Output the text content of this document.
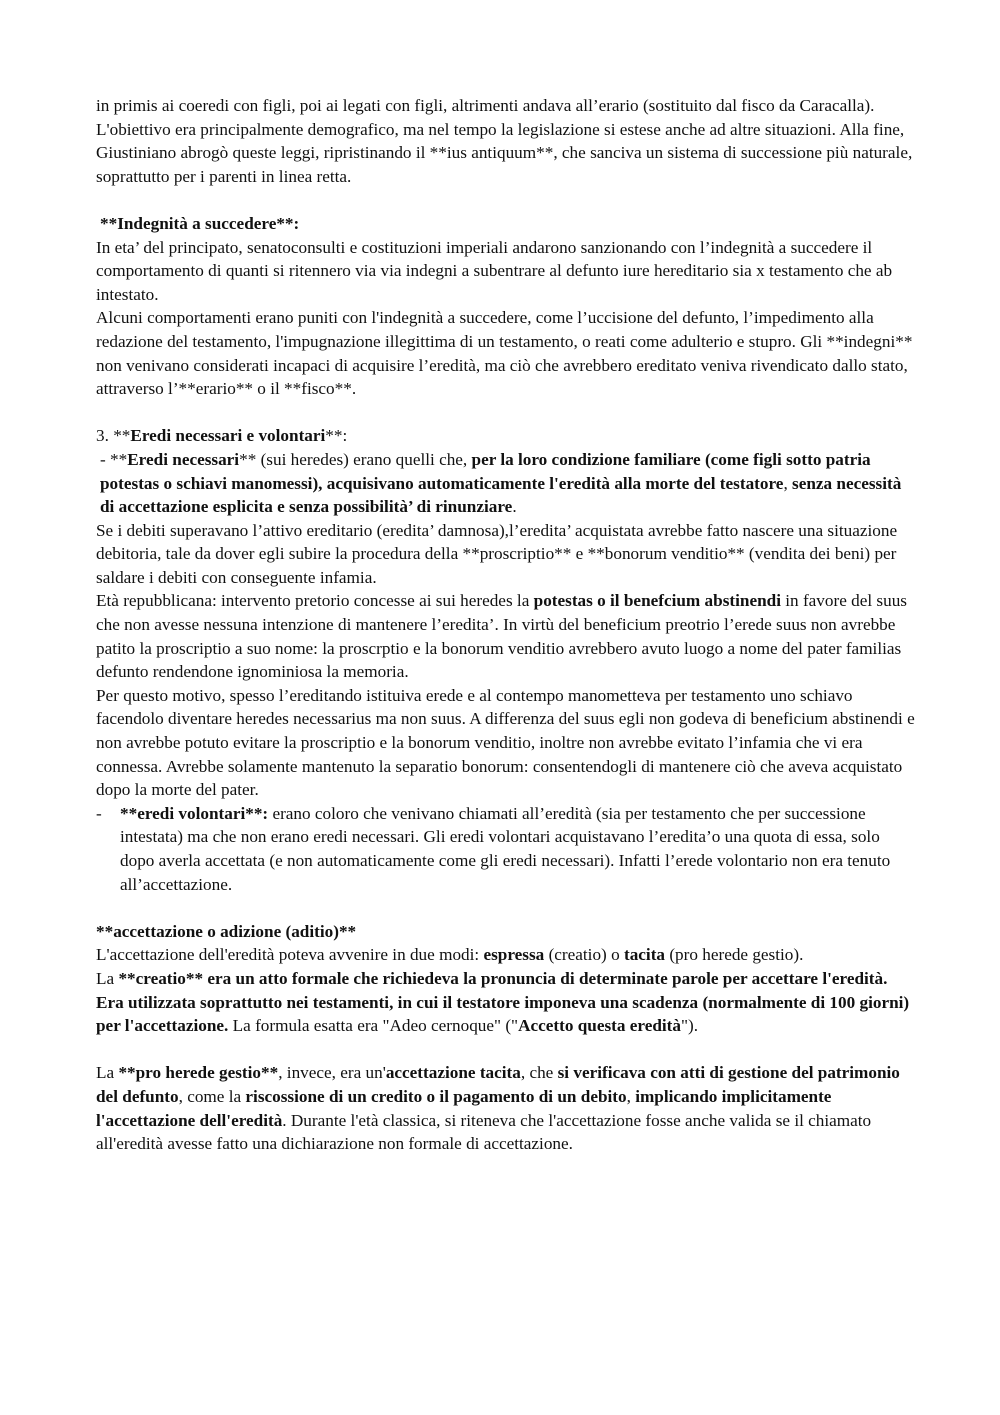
in primis ai coeredi con figli, poi ai legati con figli, altrimenti andava all’erario (sostituito dal fisco da Caracalla). L'obiettivo era principalmente demografico, ma nel tempo la legislazione si estese anche ad altre situazioni. Alla fine, Giustiniano abrogò queste leggi, ripristinando il **ius antiquum**, che sanciva un sistema di successione più naturale, soprattutto per i parenti in linea retta.

**Indegnità a succedere**:

In eta’ del principato, senatoconsulti e costituzioni imperiali andarono sanzionando con l’indegnità a succedere il comportamento di quanti si ritennero via via indegni a subentrare al defunto iure hereditario sia x testamento che ab intestato.

Alcuni comportamenti erano puniti con l'indegnità a succedere, come l’uccisione del defunto, l’impedimento alla redazione del testamento, l'impugnazione illegittima di un testamento, o reati come adulterio e stupro. Gli **indegni** non venivano considerati incapaci di acquisire l’eredità, ma ciò che avrebbero ereditato veniva rivendicato dallo stato, attraverso l’**erario** o il **fisco**.

3. **Eredi necessari e volontari**:

- **Eredi necessari** (sui heredes) erano quelli che, per la loro condizione familiare (come figli sotto patria potestas o schiavi manomessi), acquisivano automaticamente l'eredità alla morte del testatore, senza necessità di accettazione esplicita e senza possibilità’ di rinunziare.

Se i debiti superavano l’attivo ereditario (eredita’ damnosa),l’eredita’ acquistata avrebbe fatto nascere una situazione debitoria, tale da dover egli subire la procedura della **proscriptio** e **bonorum venditio** (vendita dei beni) per saldare i debiti con conseguente infamia.

Età repubblicana: intervento pretorio concesse ai sui heredes la potestas o il benefcium abstinendi in favore del suus che non avesse nessuna intenzione di mantenere l’eredita’. In virtù del beneficium preotrio l’erede suus non avrebbe patito la proscriptio a suo nome: la proscrptio e la bonorum venditio avrebbero avuto luogo a nome del pater familias defunto rendendone ignominiosa la memoria.

Per questo motivo, spesso l’ereditando istituiva erede e al contempo manometteva per testamento uno schiavo facendolo diventare heredes necessarius ma non suus. A differenza del suus egli non godeva di beneficium abstinendi e non avrebbe potuto evitare la proscriptio e la bonorum venditio, inoltre non avrebbe evitato l’infamia che vi era connessa. Avrebbe solamente mantenuto la separatio bonorum: consentendogli di mantenere ciò che aveva acquistato dopo la morte del pater.

-	**eredi volontari**: erano coloro che venivano chiamati all’eredità (sia per testamento che per successione intestata) ma che non erano eredi necessari. Gli eredi volontari acquistavano l’eredita’o una quota di essa, solo dopo averla accettata (e non automaticamente come gli eredi necessari). Infatti l’erede volontario non era tenuto all’accettazione.

**accettazione o adizione (aditio)**

L'accettazione dell'eredità poteva avvenire in due modi: espressa (creatio) o tacita (pro herede gestio).

La **creatio** era un atto formale che richiedeva la pronuncia di determinate parole per accettare l'eredità. Era utilizzata soprattutto nei testamenti, in cui il testatore imponeva una scadenza (normalmente di 100 giorni) per l'accettazione. La formula esatta era "Adeo cernoque" ("Accetto questa eredità").

La **pro herede gestio**, invece, era un'accettazione tacita, che si verificava con atti di gestione del patrimonio del defunto, come la riscossione di un credito o il pagamento di un debito, implicando implicitamente l'accettazione dell'eredità. Durante l'età classica, si riteneva che l'accettazione fosse anche valida se il chiamato all'eredità avesse fatto una dichiarazione non formale di accettazione.
